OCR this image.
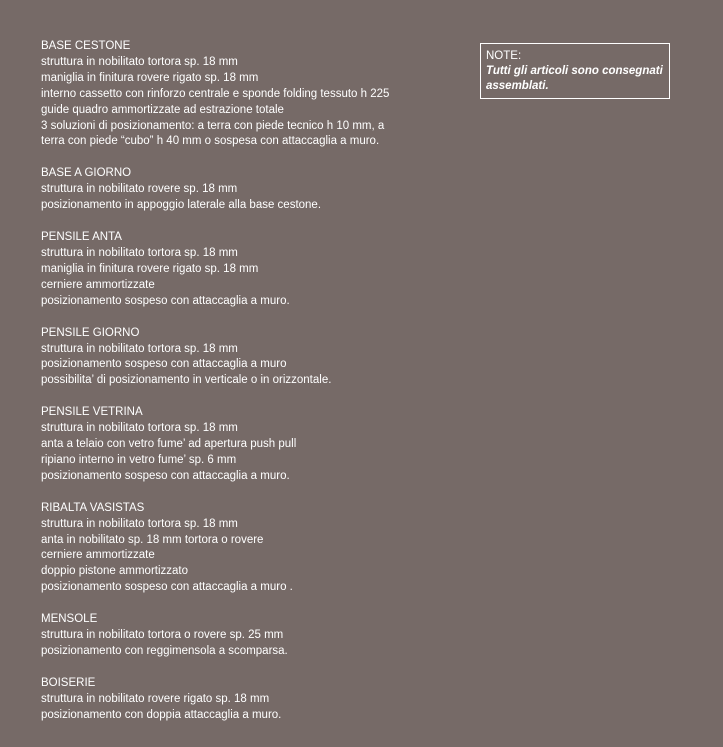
BASE CESTONE
struttura in nobilitato tortora sp. 18 mm
maniglia in finitura rovere rigato sp. 18 mm
interno cassetto con rinforzo centrale e sponde folding tessuto h 225
guide quadro ammortizzate ad estrazione totale
3 soluzioni di posizionamento: a terra con piede tecnico h 10 mm, a
terra con piede “cubo” h 40 mm o sospesa con attaccaglia a muro.
BASE A GIORNO
struttura in nobilitato rovere sp. 18 mm
posizionamento in appoggio laterale alla base cestone.
PENSILE ANTA
struttura in nobilitato tortora sp. 18 mm
maniglia in finitura rovere rigato sp. 18 mm
cerniere ammortizzate
posizionamento sospeso con attaccaglia a muro.
PENSILE GIORNO
struttura in nobilitato tortora sp. 18 mm
posizionamento sospeso con attaccaglia a muro
possibilita’ di posizionamento in verticale o in orizzontale.
PENSILE VETRINA
struttura in nobilitato tortora sp. 18 mm
anta a telaio con vetro fume’ ad apertura push pull
ripiano interno in vetro fume’ sp. 6 mm
posizionamento sospeso con attaccaglia a muro.
RIBALTA VASISTAS
struttura in nobilitato tortora sp. 18 mm
anta in nobilitato sp. 18 mm tortora o rovere
cerniere ammortizzate
doppio pistone ammortizzato
posizionamento sospeso con attaccaglia a muro .
MENSOLE
struttura in nobilitato tortora o rovere sp. 25 mm
posizionamento con reggimensola a scomparsa.
BOISERIE
struttura in nobilitato rovere rigato sp. 18 mm
posizionamento con doppia attaccaglia a muro.
NOTE:
Tutti gli articoli sono consegnati assemblati.
